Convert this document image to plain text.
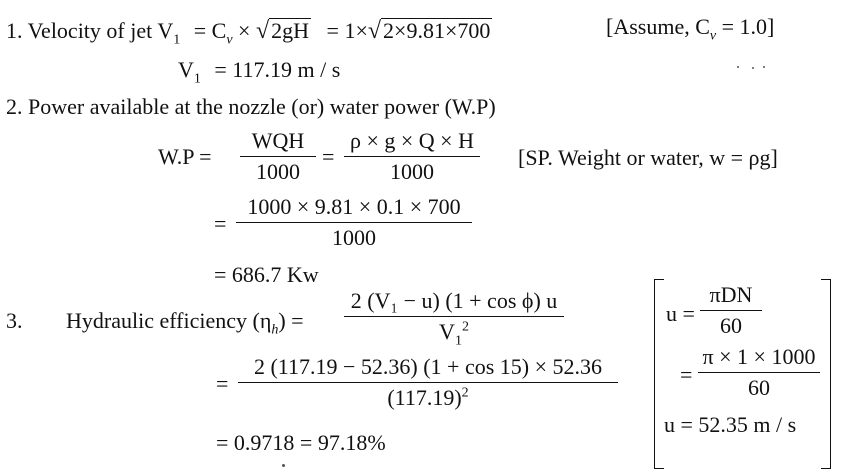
1. Velocity of jet $V_1 = C_v \times √2gH = 1\times√2\times 9.81\times 700$	[Assume, $C_v = 1.0$]
$V_1 = 117.19$ m / s
2. Power available at the nozzle (or) water power (W.P)
W.P =
WQH
1000
=
ρ × g × Q × H
1000
[SP. Weight or water, w = ρg]
=
1000 × 9.81 × 0.1 × 700
1000
= 686.7 Kw
3. Hydraulic efficiency $(\eta_h)$ =
2 (V₁ − u) (1 + cos ϕ) u
$V_1^2$
=
2 (117.19 − 52.36) (1 + cos 15) × 52.36
$(117.19)^2$
= 0.9718 = 97.18%
u =
πDN
60
=
π × 1 × 1000
60
u = 52.35 m / s
